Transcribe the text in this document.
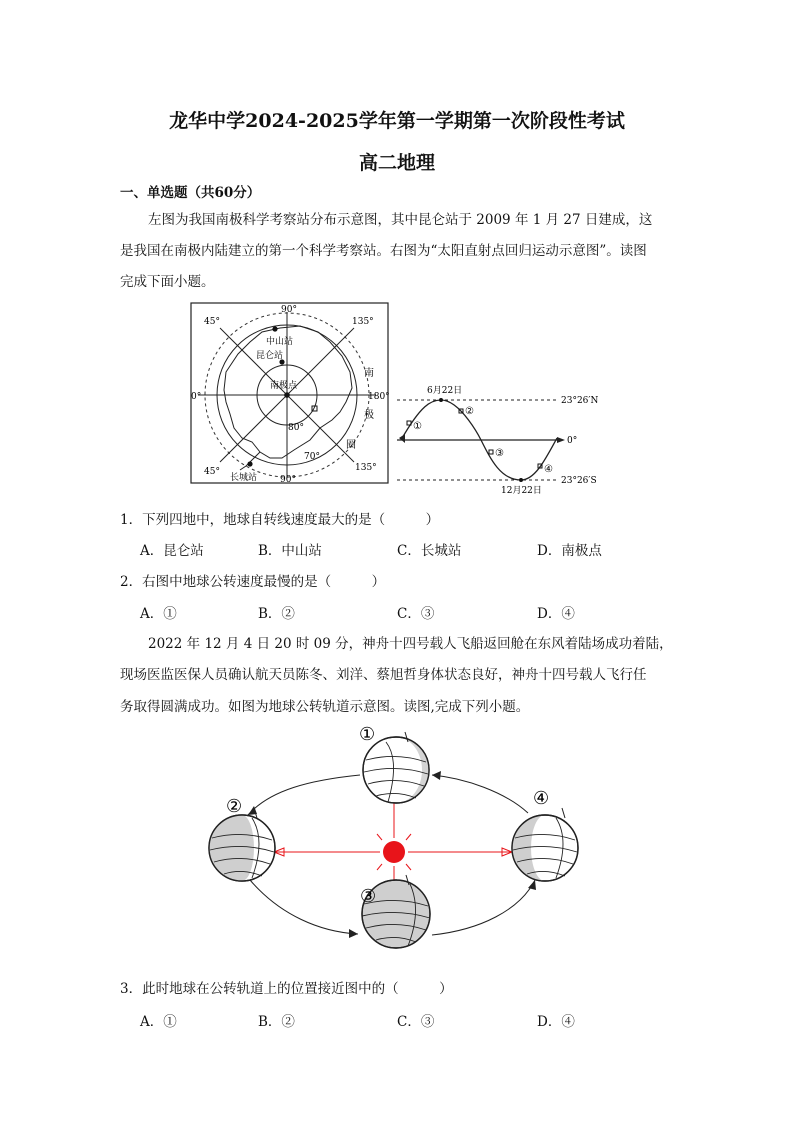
龙华中学2024-2025学年第一学期第一次阶段性考试
高二地理
一、单选题（共60分）
左图为我国南极科学考察站分布示意图，其中昆仑站于 2009 年 1 月 27 日建成，这
是我国在南极内陆建立的第一个科学考察站。右图为“太阳直射点回归运动示意图”。读图
完成下面小题。
90°
45°	135°
0°	180°
45°
90°
135°
80°
70°
中山站
昆仑站
南极点
长城站
南
极
圈
6月22日
12月22日
23°26′N
23°26′S
0°
①
②
③
④
1．下列四地中，地球自转线速度最大的是（　　　）
A．昆仑站	B．中山站	C．长城站	D．南极点
2．右图中地球公转速度最慢的是（　　　）
A．①	B．②	C．③	D．④
2022 年 12 月 4 日 20 时 09 分，神舟十四号载人飞船返回舱在东风着陆场成功着陆，
现场医监医保人员确认航天员陈冬、刘洋、蔡旭哲身体状态良好，神舟十四号载人飞行任
务取得圆满成功。如图为地球公转轨道示意图。读图,完成下列小题。
①
②
③
④
3．此时地球在公转轨道上的位置接近图中的（　　　）
A．①	B．②	C．③	D．④
